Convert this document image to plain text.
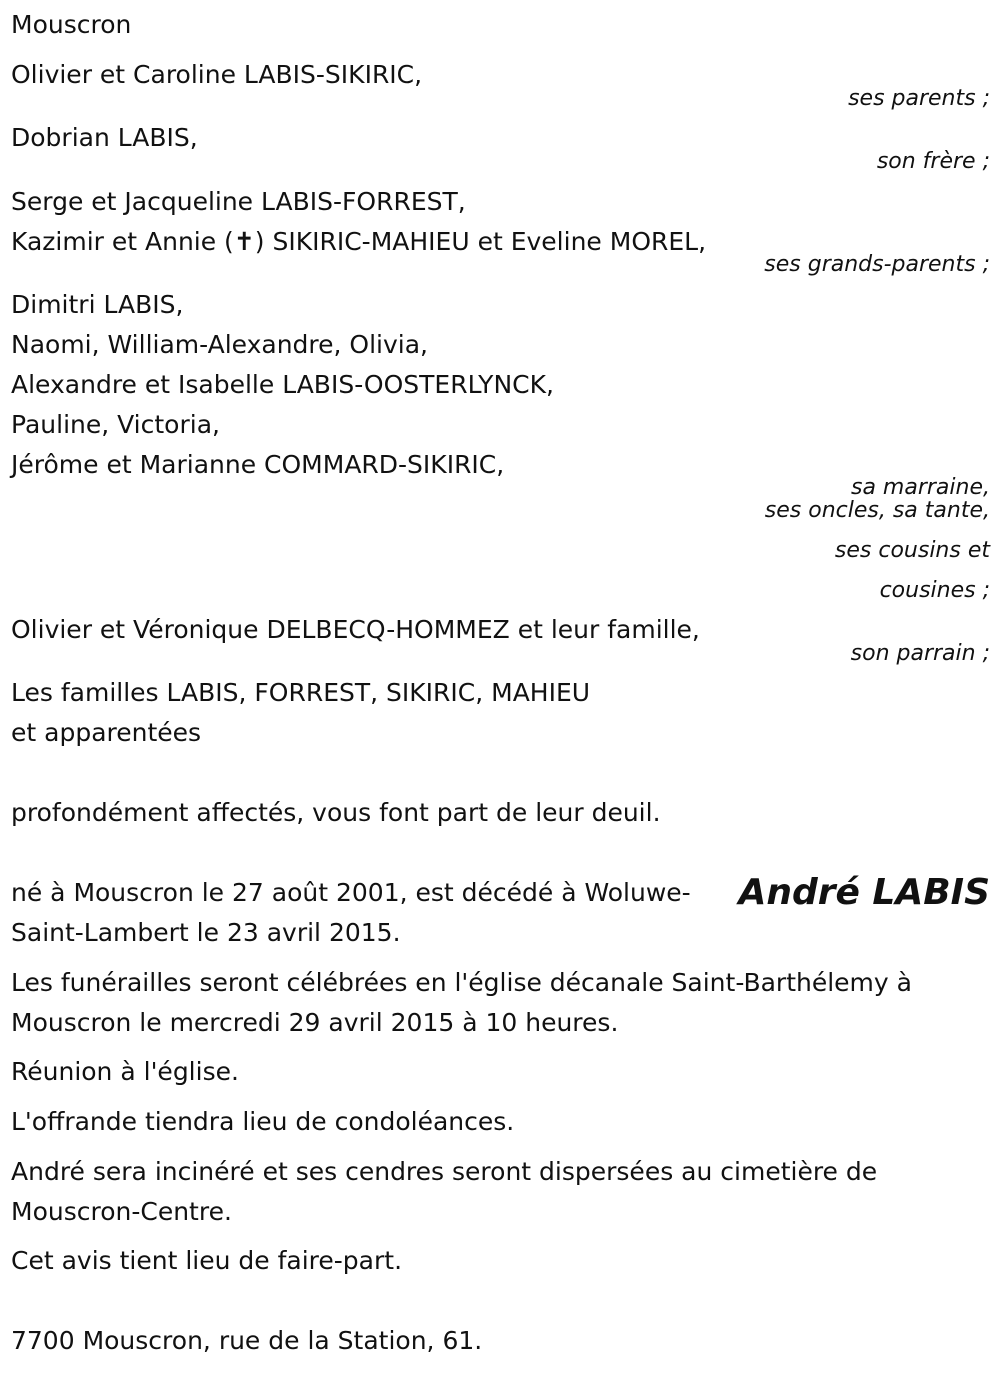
Mouscron

Olivier et Caroline LABIS-SIKIRIC,

ses parents ;

Dobrian LABIS,

son frère ;

Serge et Jacqueline LABIS-FORREST,

Kazimir et Annie (✝) SIKIRIC-MAHIEU et Eveline MOREL,

ses grands-parents ;

Dimitri LABIS,

Naomi, William-Alexandre, Olivia,

Alexandre et Isabelle LABIS-OOSTERLYNCK,

Pauline, Victoria,

Jérôme et Marianne COMMARD-SIKIRIC,

sa marraine,

ses oncles, sa tante,

ses cousins et

cousines ;

Olivier et Véronique DELBECQ-HOMMEZ et leur famille,

son parrain ;

Les familles LABIS, FORREST, SIKIRIC, MAHIEU

et apparentées

profondément affectés, vous font part de leur deuil.

né à Mouscron le 27 août 2001, est décédé à Woluwe- André LABIS

Saint-Lambert le 23 avril 2015.

Les funérailles seront célébrées en l'église décanale Saint-Barthélemy à

Mouscron le mercredi 29 avril 2015 à 10 heures.

Réunion à l'église.

L'offrande tiendra lieu de condoléances.

André sera incinéré et ses cendres seront dispersées au cimetière de

Mouscron-Centre.

Cet avis tient lieu de faire-part.

7700 Mouscron, rue de la Station, 61.
